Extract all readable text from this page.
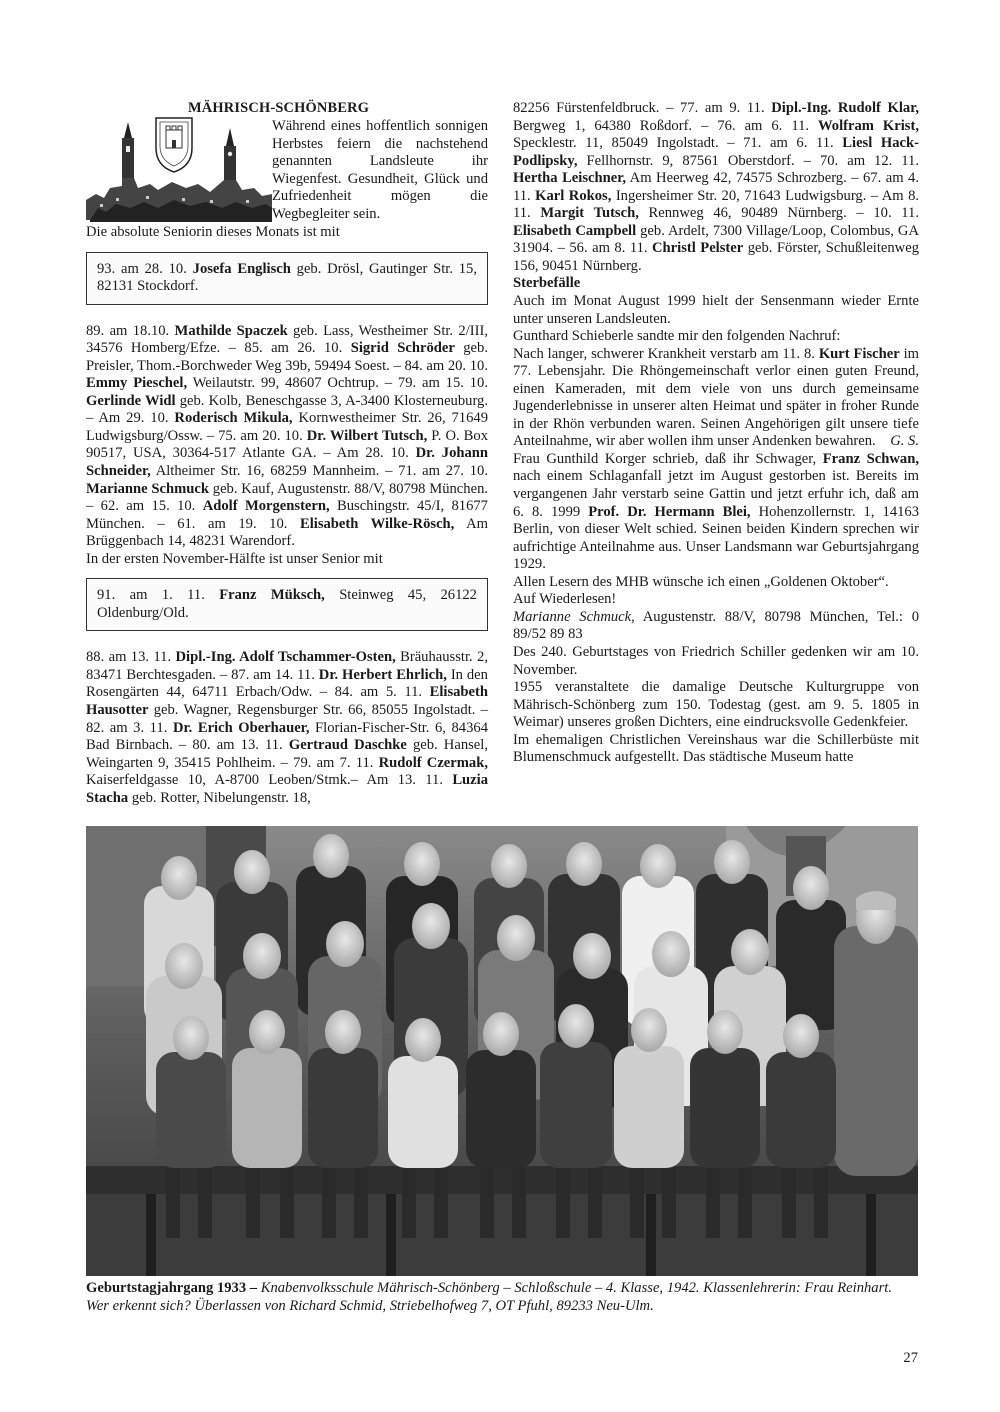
MÄHRISCH-SCHÖNBERG

Während eines hoffentlich sonnigen Herbstes feiern die nachstehend genannten Landsleute ihr Wiegenfest. Gesundheit, Glück und Zufriedenheit mögen die Wegbegleiter sein.

Die absolute Seniorin dieses Monats ist mit

93. am 28. 10. Josefa Englisch geb. Drösl, Gautinger Str. 15, 82131 Stockdorf.

89. am 18.10. Mathilde Spaczek geb. Lass, Westheimer Str. 2/III, 34576 Homberg/Efze. – 85. am 26. 10. Sigrid Schröder geb. Preisler, Thom.-Borchweder Weg 39b, 59494 Soest. – 84. am 20. 10. Emmy Pieschel, Weilautstr. 99, 48607 Ochtrup. – 79. am 15. 10. Gerlinde Widl geb. Kolb, Beneschgasse 3, A-3400 Klosterneuburg. – Am 29. 10. Roderisch Mikula, Kornwestheimer Str. 26, 71649 Ludwigsburg/Ossw. – 75. am 20. 10. Dr. Wilbert Tutsch, P. O. Box 90517, USA, 30364-517 Atlante GA. – Am 28. 10. Dr. Johann Schneider, Altheimer Str. 16, 68259 Mannheim. – 71. am 27. 10. Marianne Schmuck geb. Kauf, Augustenstr. 88/V, 80798 München. – 62. am 15. 10. Adolf Morgenstern, Buschingstr. 45/I, 81677 München. – 61. am 19. 10. Elisabeth Wilke-Rösch, Am Brüggenbach 14, 48231 Warendorf.

In der ersten November-Hälfte ist unser Senior mit

91. am 1. 11. Franz Müksch, Steinweg 45, 26122 Oldenburg/Old.

88. am 13. 11. Dipl.-Ing. Adolf Tschammer-Osten, Bräuhausstr. 2, 83471 Berchtesgaden. – 87. am 14. 11. Dr. Herbert Ehrlich, In den Rosengärten 44, 64711 Erbach/Odw. – 84. am 5. 11. Elisabeth Hausotter geb. Wagner, Regensburger Str. 66, 85055 Ingolstadt. – 82. am 3. 11. Dr. Erich Oberhauer, Florian-Fischer-Str. 6, 84364 Bad Birnbach. – 80. am 13. 11. Gertraud Daschke geb. Hansel, Weingarten 9, 35415 Pohlheim. – 79. am 7. 11. Rudolf Czermak, Kaiserfeldgasse 10, A-8700 Leoben/Stmk.– Am 13. 11. Luzia Stacha geb. Rotter, Nibelungenstr. 18,

82256 Fürstenfeldbruck. – 77. am 9. 11. Dipl.-Ing. Rudolf Klar, Bergweg 1, 64380 Roßdorf. – 76. am 6. 11. Wolfram Krist, Specklestr. 11, 85049 Ingolstadt. – 71. am 6. 11. Liesl Hack-Podlipsky, Fellhornstr. 9, 87561 Oberstdorf. – 70. am 12. 11. Hertha Leischner, Am Heerweg 42, 74575 Schrozberg. – 67. am 4. 11. Karl Rokos, Ingersheimer Str. 20, 71643 Ludwigsburg. – Am 8. 11. Margit Tutsch, Rennweg 46, 90489 Nürnberg. – 10. 11. Elisabeth Campbell geb. Ardelt, 7300 Village/Loop, Colombus, GA 31904. – 56. am 8. 11. Christl Pelster geb. Förster, Schußleitenweg 156, 90451 Nürnberg.

Sterbefälle

Auch im Monat August 1999 hielt der Sensenmann wieder Ernte unter unseren Landsleuten.

Gunthard Schieberle sandte mir den folgenden Nachruf:

Nach langer, schwerer Krankheit verstarb am 11. 8. Kurt Fischer im 77. Lebensjahr. Die Rhöngemeinschaft verlor einen guten Freund, einen Kameraden, mit dem viele von uns durch gemeinsame Jugenderlebnisse in unserer alten Heimat und später in froher Runde in der Rhön verbunden waren. Seinen Angehörigen gilt unsere tiefe Anteilnahme, wir aber wollen ihm unser Andenken bewahren. G. S.

Frau Gunthild Korger schrieb, daß ihr Schwager, Franz Schwan, nach einem Schlaganfall jetzt im August gestorben ist. Bereits im vergangenen Jahr verstarb seine Gattin und jetzt erfuhr ich, daß am 6. 8. 1999 Prof. Dr. Hermann Blei, Hohenzollernstr. 1, 14163 Berlin, von dieser Welt schied. Seinen beiden Kindern sprechen wir aufrichtige Anteilnahme aus. Unser Landsmann war Geburtsjahrgang 1929.

Allen Lesern des MHB wünsche ich einen „Goldenen Oktober“.

Auf Wiederlesen!

Marianne Schmuck, Augustenstr. 88/V, 80798 München, Tel.: 0 89/52 89 83

Des 240. Geburtstages von Friedrich Schiller gedenken wir am 10. November.

1955 veranstaltete die damalige Deutsche Kulturgruppe von Mährisch-Schönberg zum 150. Todestag (gest. am 9. 5. 1805 in Weimar) unseres großen Dichters, eine eindrucksvolle Gedenkfeier.

Im ehemaligen Christlichen Vereinshaus war die Schillerbüste mit Blumenschmuck aufgestellt. Das städtische Museum hatte

Geburtstagjahrgang 1933 – Knabenvolksschule Mährisch-Schönberg – Schloßschule – 4. Klasse, 1942. Klassenlehrerin: Frau Reinhart. Wer erkennt sich? Überlassen von Richard Schmid, Striebelhofweg 7, OT Pfuhl, 89233 Neu-Ulm.

27
